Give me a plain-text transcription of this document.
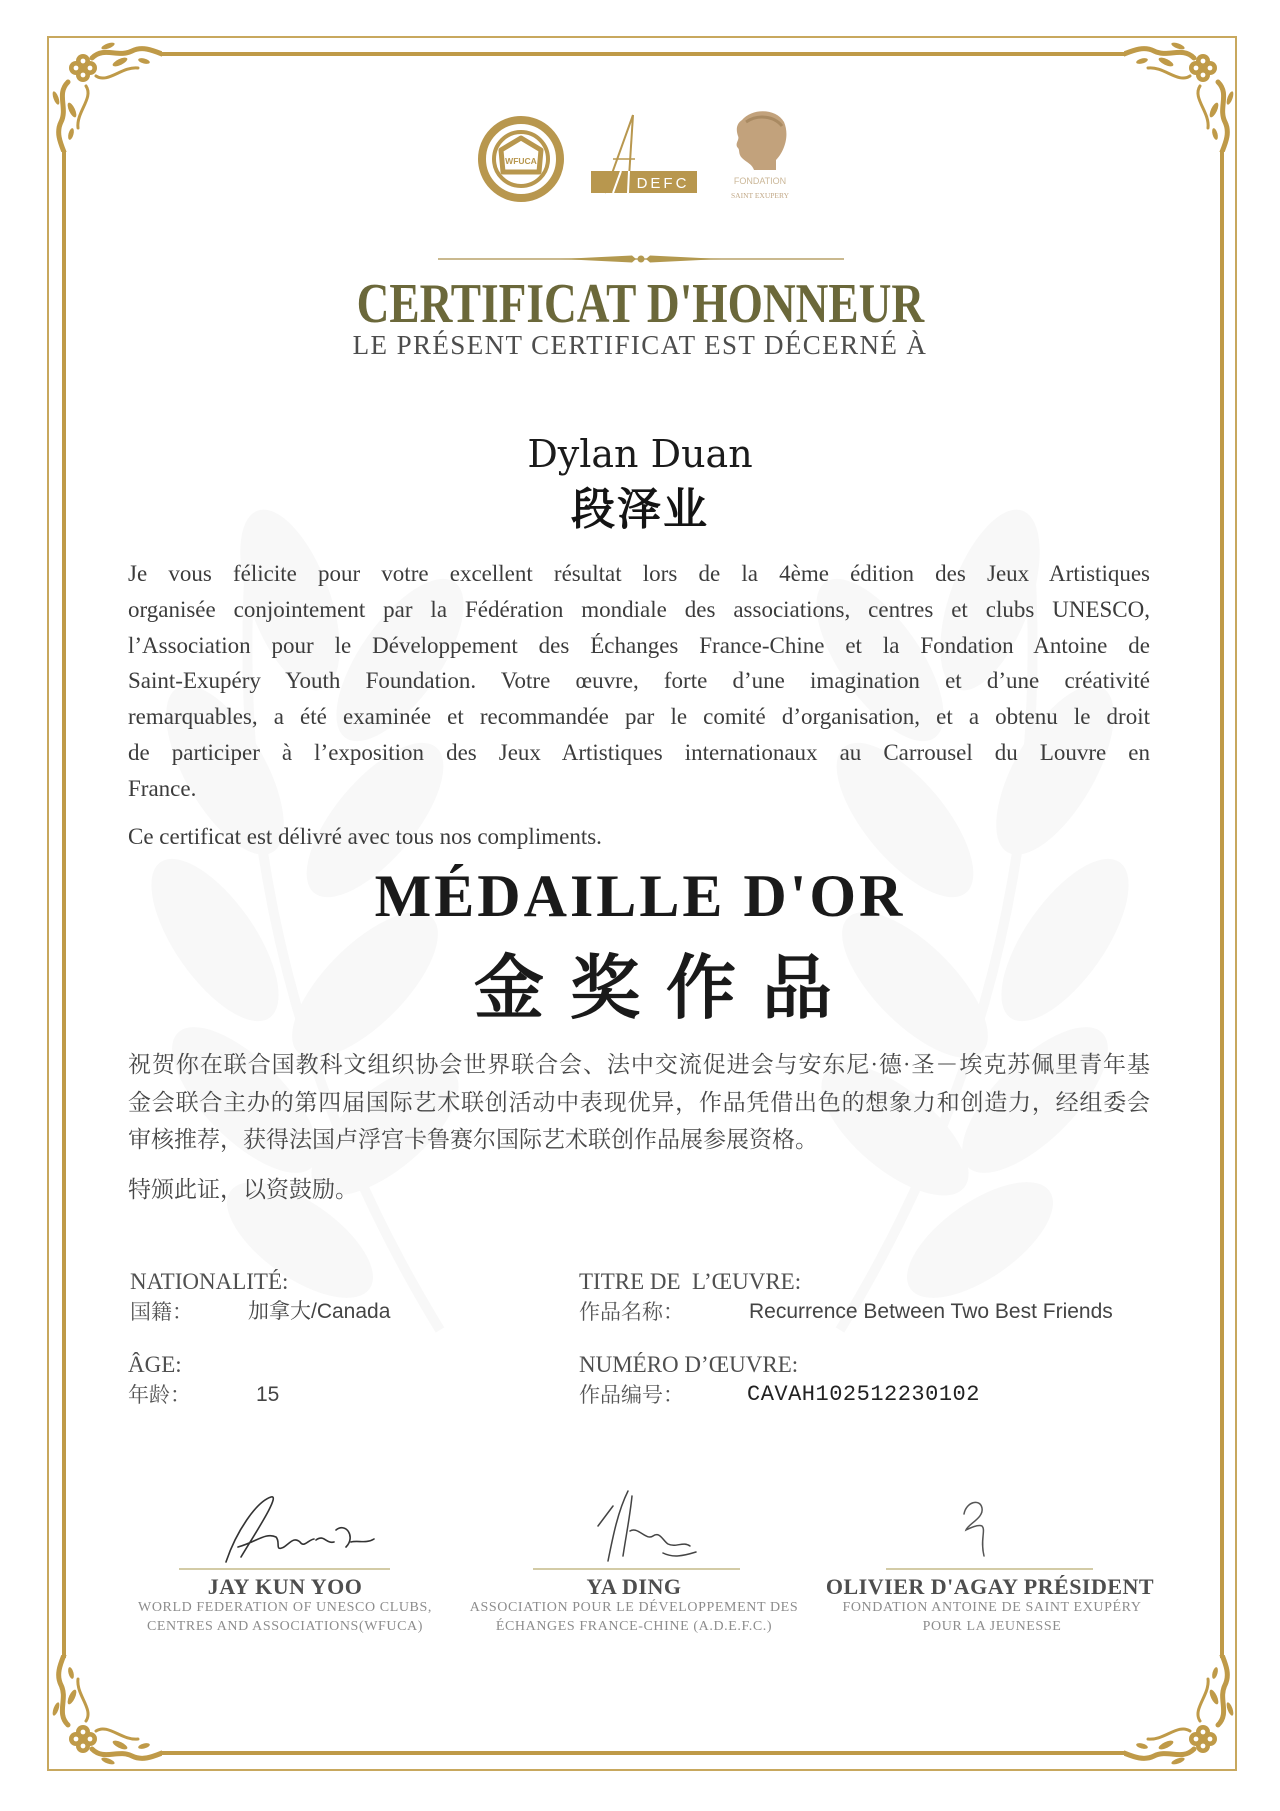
WFUCA
DEFC	FONDATION
SAINT EXUPERY
CERTIFICAT D'HONNEUR
LE PRÉSENT CERTIFICAT EST DÉCERNÉ À
Dylan Duan
段泽业
Je vous félicite pour votre excellent résultat lors de la 4ème édition des Jeux Artistiques
organisée conjointement par la Fédération mondiale des associations, centres et clubs UNESCO,
l’Association pour le Développement des Échanges France-Chine et la Fondation Antoine de
Saint-Exupéry Youth Foundation. Votre œuvre, forte d’une imagination et d’une créativité
remarquables, a été examinée et recommandée par le comité d’organisation, et a obtenu le droit
de participer à l’exposition des Jeux Artistiques internationaux au Carrousel du Louvre en
France.
Ce certificat est délivré avec tous nos compliments.
MÉDAILLE D'OR
金奖作品
祝贺你在联合国教科文组织协会世界联合会、法中交流促进会与安东尼·德·圣－埃克苏佩里青年基
金会联合主办的第四届国际艺术联创活动中表现优异，作品凭借出色的想象力和创造力，经组委会
审核推荐，获得法国卢浮宫卡鲁赛尔国际艺术联创作品展参展资格。
特颁此证，以资鼓励。
NATIONALITÉ:
国籍：	加拿大/Canada
ÂGE:
年龄：	15
TITRE DE  L’ŒUVRE:
作品名称：	Recurrence Between Two Best Friends
NUMÉRO D’ŒUVRE:
作品编号：	CAVAH102512230102
JAY KUN YOO
WORLD FEDERATION OF UNESCO CLUBS,
CENTRES AND ASSOCIATIONS(WFUCA)
YA DING
ASSOCIATION POUR LE DÉVELOPPEMENT DES
ÉCHANGES FRANCE-CHINE (A.D.E.F.C.)
OLIVIER D'AGAY PRÉSIDENT
FONDATION ANTOINE DE SAINT EXUPÉRY
POUR LA JEUNESSE
